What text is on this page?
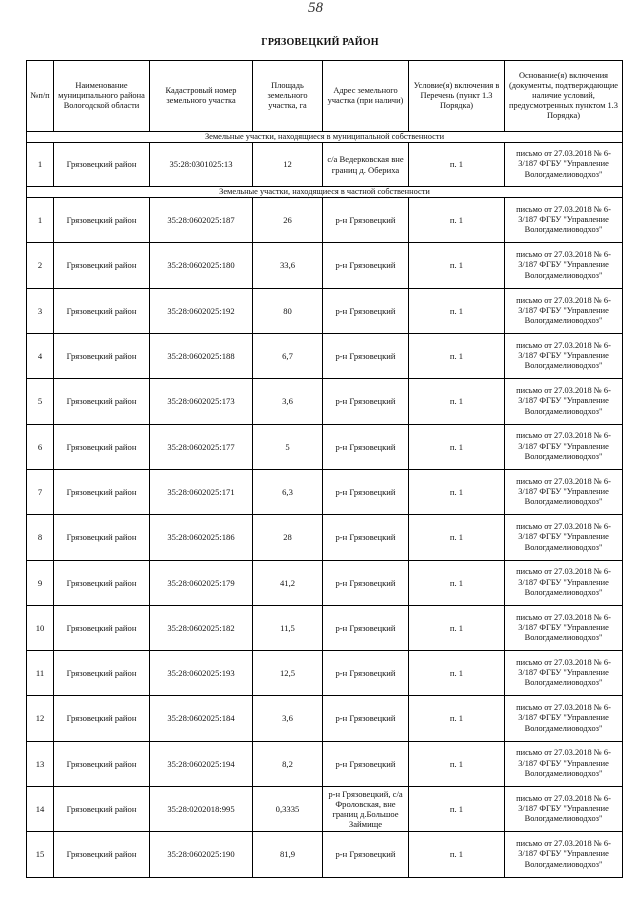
58
ГРЯЗОВЕЦКИЙ РАЙОН
№п/п	Наименование муниципального района Вологодской области	Кадастровый номер земельного участка	Площадь земельного участка, га	Адрес земельного участка (при наличи)	Условие(я) включения в Перечень (пункт 1.3 Порядка)	Основание(я) включения (документы, подтверждающие наличие условий, предусмотренных пунктом 1.3 Порядка)
Земельные участки, находящиеся в муниципальной собственности						
1	Грязовецкий район	35:28:0301025:13	12	с/а Ведерковская вне границ д. Обериха	п. 1	письмо от 27.03.2018 № 6-3/187 ФГБУ "Управление Вологдамелиоводхоз"
Земельные участки, находящиеся в частной собственности						
1	Грязовецкий район	35:28:0602025:187	26	р-н Грязовецкий	п. 1	письмо от 27.03.2018 № 6-3/187 ФГБУ "Управление Вологдамелиоводхоз"
2	Грязовецкий район	35:28:0602025:180	33,6	р-н Грязовецкий	п. 1	письмо от 27.03.2018 № 6-3/187 ФГБУ "Управление Вологдамелиоводхоз"
3	Грязовецкий район	35:28:0602025:192	80	р-н Грязовецкий	п. 1	письмо от 27.03.2018 № 6-3/187 ФГБУ "Управление Вологдамелиоводхоз"
4	Грязовецкий район	35:28:0602025:188	6,7	р-н Грязовецкий	п. 1	письмо от 27.03.2018 № 6-3/187 ФГБУ "Управление Вологдамелиоводхоз"
5	Грязовецкий район	35:28:0602025:173	3,6	р-н Грязовецкий	п. 1	письмо от 27.03.2018 № 6-3/187 ФГБУ "Управление Вологдамелиоводхоз"
6	Грязовецкий район	35:28:0602025:177	5	р-н Грязовецкий	п. 1	письмо от 27.03.2018 № 6-3/187 ФГБУ "Управление Вологдамелиоводхоз"
7	Грязовецкий район	35:28:0602025:171	6,3	р-н Грязовецкий	п. 1	письмо от 27.03.2018 № 6-3/187 ФГБУ "Управление Вологдамелиоводхоз"
8	Грязовецкий район	35:28:0602025:186	28	р-н Грязовецкий	п. 1	письмо от 27.03.2018 № 6-3/187 ФГБУ "Управление Вологдамелиоводхоз"
9	Грязовецкий район	35:28:0602025:179	41,2	р-н Грязовецкий	п. 1	письмо от 27.03.2018 № 6-3/187 ФГБУ "Управление Вологдамелиоводхоз"
10	Грязовецкий район	35:28:0602025:182	11,5	р-н Грязовецкий	п. 1	письмо от 27.03.2018 № 6-3/187 ФГБУ "Управление Вологдамелиоводхоз"
11	Грязовецкий район	35:28:0602025:193	12,5	р-н Грязовецкий	п. 1	письмо от 27.03.2018 № 6-3/187 ФГБУ "Управление Вологдамелиоводхоз"
12	Грязовецкий район	35:28:0602025:184	3,6	р-н Грязовецкий	п. 1	письмо от 27.03.2018 № 6-3/187 ФГБУ "Управление Вологдамелиоводхоз"
13	Грязовецкий район	35:28:0602025:194	8,2	р-н Грязовецкий	п. 1	письмо от 27.03.2018 № 6-3/187 ФГБУ "Управление Вологдамелиоводхоз"
14	Грязовецкий район	35:28:0202018:995	0,3335	р-н Грязовецкий, с/а Фроловская, вне границ д.Большое Займище	п. 1	письмо от 27.03.2018 № 6-3/187 ФГБУ "Управление Вологдамелиоводхоз"
15	Грязовецкий район	35:28:0602025:190	81,9	р-н Грязовецкий	п. 1	письмо от 27.03.2018 № 6-3/187 ФГБУ "Управление Вологдамелиоводхоз"
